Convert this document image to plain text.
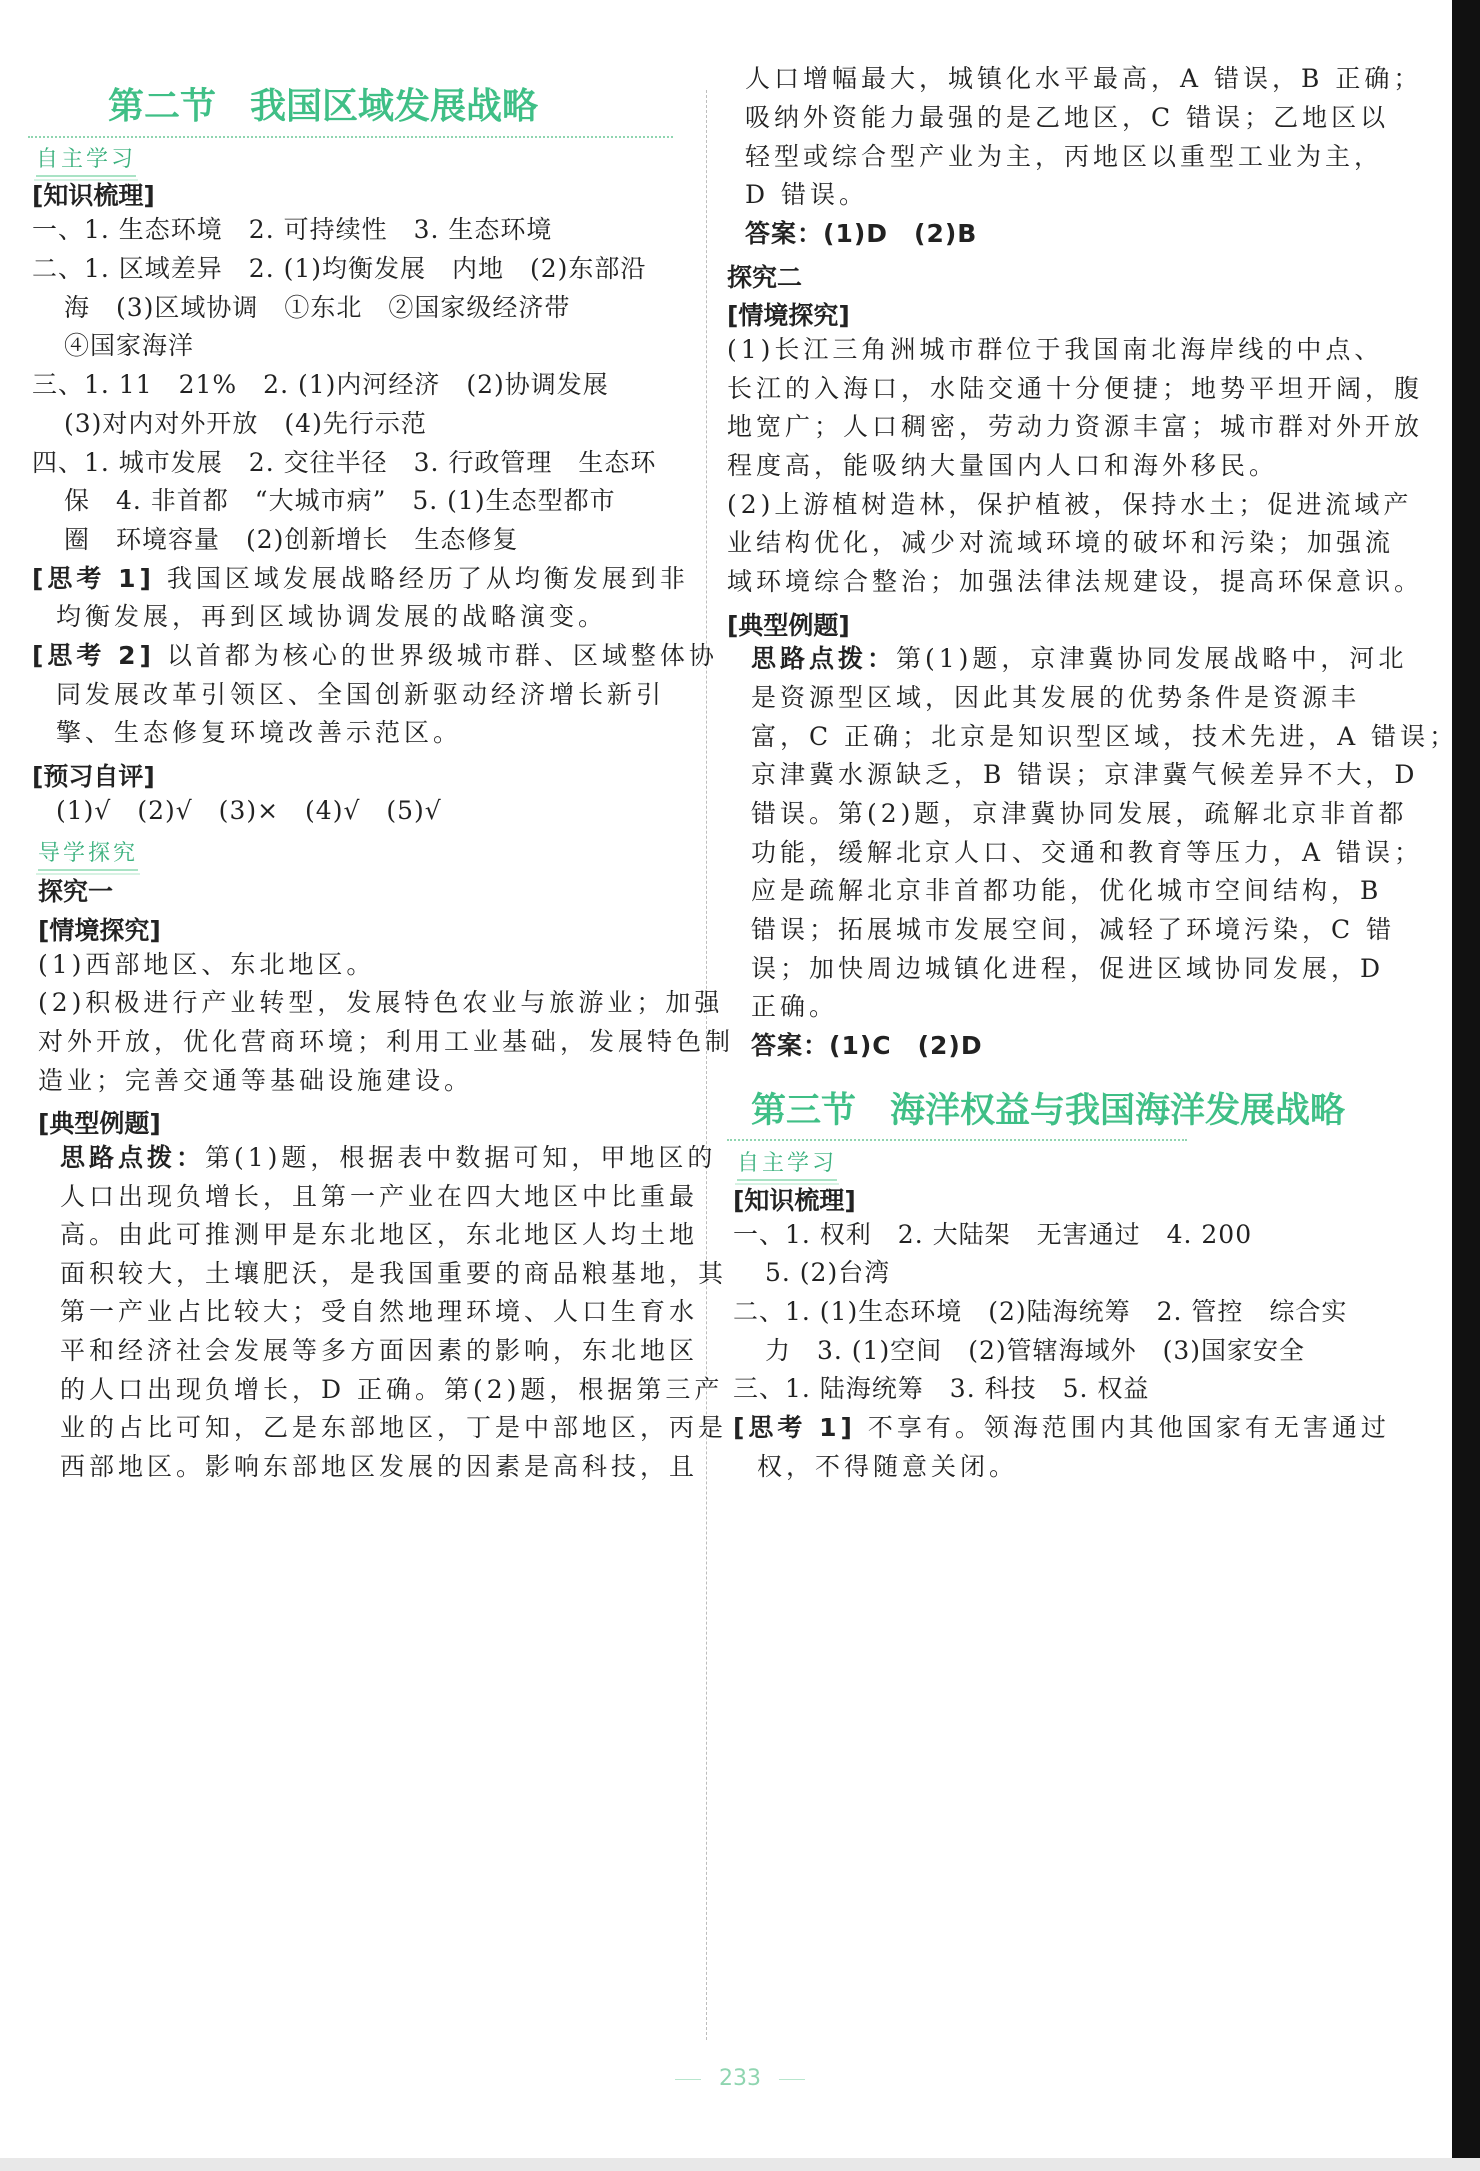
第二节 我国区域发展战略
自主学习
[知识梳理]
一、1. 生态环境　2. 可持续性　3. 生态环境
二、1. 区域差异　2. (1)均衡发展　内地　(2)东部沿
海　(3)区域协调　①东北　②国家级经济带
④国家海洋
三、1. 11　21%　2. (1)内河经济　(2)协调发展
(3)对内对外开放　(4)先行示范
四、1. 城市发展　2. 交往半径　3. 行政管理　生态环
保　4. 非首都　“大城市病”　5. (1)生态型都市
圈　环境容量　(2)创新增长　生态修复
[思考 1] 我国区域发展战略经历了从均衡发展到非
均衡发展，再到区域协调发展的战略演变。
[思考 2] 以首都为核心的世界级城市群、区域整体协
同发展改革引领区、全国创新驱动经济增长新引
擎、生态修复环境改善示范区。
[预习自评]
(1)√　(2)√　(3)×　(4)√　(5)√
导学探究
探究一
[情境探究]
(1)西部地区、东北地区。
(2)积极进行产业转型，发展特色农业与旅游业；加强
对外开放，优化营商环境；利用工业基础，发展特色制
造业；完善交通等基础设施建设。
[典型例题]
思路点拨：第(1)题，根据表中数据可知，甲地区的
人口出现负增长，且第一产业在四大地区中比重最
高。由此可推测甲是东北地区，东北地区人均土地
面积较大，土壤肥沃，是我国重要的商品粮基地，其
第一产业占比较大；受自然地理环境、人口生育水
平和经济社会发展等多方面因素的影响，东北地区
的人口出现负增长，D 正确。第(2)题，根据第三产
业的占比可知，乙是东部地区，丁是中部地区，丙是
西部地区。影响东部地区发展的因素是高科技，且
人口增幅最大，城镇化水平最高，A 错误，B 正确；
吸纳外资能力最强的是乙地区，C 错误；乙地区以
轻型或综合型产业为主，丙地区以重型工业为主，
D 错误。
答案：(1)D　(2)B
探究二
[情境探究]
(1)长江三角洲城市群位于我国南北海岸线的中点、
长江的入海口，水陆交通十分便捷；地势平坦开阔，腹
地宽广；人口稠密，劳动力资源丰富；城市群对外开放
程度高，能吸纳大量国内人口和海外移民。
(2)上游植树造林，保护植被，保持水土；促进流域产
业结构优化，减少对流域环境的破坏和污染；加强流
域环境综合整治；加强法律法规建设，提高环保意识。
[典型例题]
思路点拨：第(1)题，京津冀协同发展战略中，河北
是资源型区域，因此其发展的优势条件是资源丰
富，C 正确；北京是知识型区域，技术先进，A 错误；
京津冀水源缺乏，B 错误；京津冀气候差异不大，D
错误。第(2)题，京津冀协同发展，疏解北京非首都
功能，缓解北京人口、交通和教育等压力，A 错误；
应是疏解北京非首都功能，优化城市空间结构，B
错误；拓展城市发展空间，减轻了环境污染，C 错
误；加快周边城镇化进程，促进区域协同发展，D
正确。
答案：(1)C　(2)D
第三节 海洋权益与我国海洋发展战略
自主学习
[知识梳理]
一、1. 权利　2. 大陆架　无害通过　4. 200
5. (2)台湾
二、1. (1)生态环境　(2)陆海统筹　2. 管控　综合实
力　3. (1)空间　(2)管辖海域外　(3)国家安全
三、1. 陆海统筹　3. 科技　5. 权益
[思考 1] 不享有。领海范围内其他国家有无害通过
权，不得随意关闭。
233
